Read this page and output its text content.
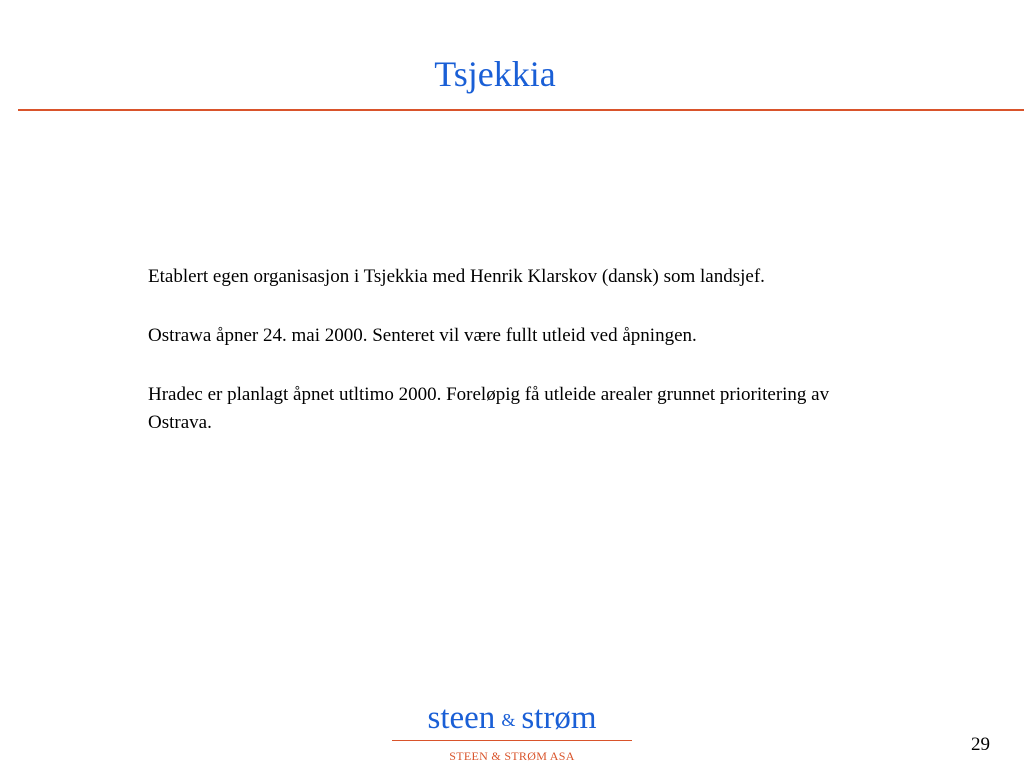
Tsjekkia

Etablert egen organisasjon i Tsjekkia med Henrik Klarskov (dansk) som landsjef.

Ostrawa åpner 24. mai 2000. Senteret vil være fullt utleid ved åpningen.

Hradec er planlagt åpnet utltimo 2000. Foreløpig få utleide arealer grunnet prioritering av Ostrava.

steen & strøm
STEEN & STRØM ASA
29
